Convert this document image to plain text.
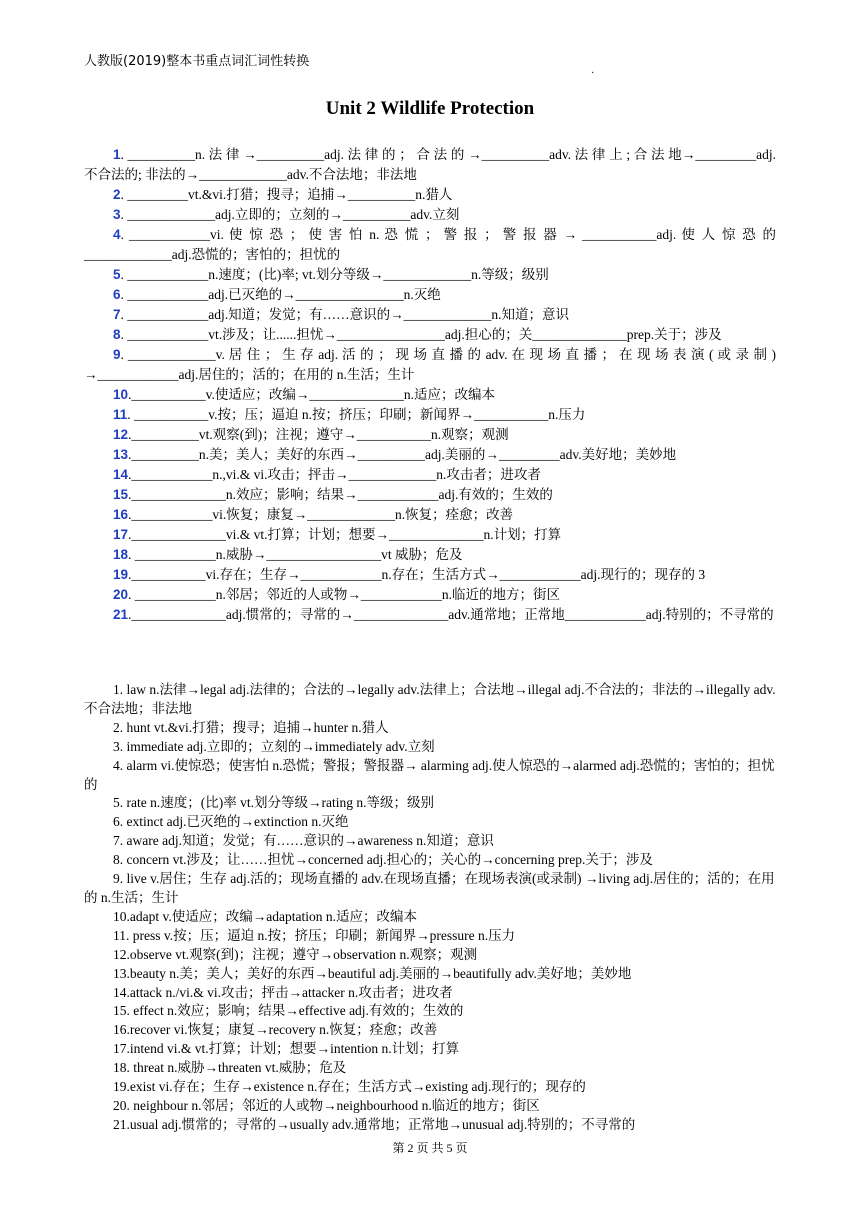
人教版(2019)整本书重点词汇词性转换
·
Unit 2 Wildlife Protection
1. __________n. 法 律 →__________adj. 法 律 的 ； 合 法 的 →__________adv. 法 律 上 ; 合 法 地→_________adj.不合法的; 非法的→_____________adv.不合法地；非法地
2. _________vt.&vi.打猎；搜寻；追捕→__________n.猎人
3. _____________adj.立即的；立刻的→__________adv.立刻
4. ____________vi. 使 惊 恐 ； 使 害 怕 n. 恐 慌 ； 警 报 ； 警 报 器 → ___________adj. 使 人 惊 恐 的_____________adj.恐慌的；害怕的；担忧的
5. ____________n.速度；(比)率; vt.划分等级→_____________n.等级；级别
6. ____________adj.已灭绝的→________________n.灭绝
7. ____________adj.知道；发觉；有……意识的→_____________n.知道；意识
8. ____________vt.涉及；让......担忧→________________adj.担心的；关______________prep.关于；涉及
9. _____________v. 居 住 ； 生 存 adj. 活 的 ； 现 场 直 播 的 adv. 在 现 场 直 播 ； 在 现 场 表 演 ( 或 录 制 ) →____________adj.居住的；活的；在用的 n.生活；生计
10.___________v.使适应；改编→______________n.适应；改编本
11. ___________v.按；压；逼迫 n.按；挤压；印刷；新闻界→___________n.压力
12.__________vt.观察(到)；注视；遵守→___________n.观察；观测
13.__________n.美；美人；美好的东西→__________adj.美丽的→_________adv.美好地；美妙地
14.____________n.,vi.& vi.攻击；抨击→_____________n.攻击者；进攻者
15.______________n.效应；影响；结果→____________adj.有效的；生效的
16.____________vi.恢复；康复→_____________n.恢复；痊愈；改善
17.______________vi.& vt.打算；计划；想要→______________n.计划；打算
18. ____________n.威胁→_________________vt 威胁；危及
19.___________vi.存在；生存→____________n.存在；生活方式→____________adj.现行的；现存的 3
20. ____________n.邻居；邻近的人或物→____________n.临近的地方；街区
21.______________adj.惯常的；寻常的→______________adv.通常地；正常地____________adj.特别的；不寻常的
1. law n.法律→legal adj.法律的；合法的→legally adv.法律上；合法地→illegal adj.不合法的；非法的→illegally adv.不合法地；非法地
2. hunt vt.&vi.打猎；搜寻；追捕→hunter n.猎人
3. immediate adj.立即的；立刻的→immediately adv.立刻
4. alarm vi.使惊恐；使害怕 n.恐慌；警报；警报器→ alarming adj.使人惊恐的→alarmed adj.恐慌的；害怕的；担忧的
5. rate n.速度；(比)率 vt.划分等级→rating n.等级；级别
6. extinct adj.已灭绝的→extinction n.灭绝
7. aware adj.知道；发觉；有……意识的→awareness n.知道；意识
8. concern vt.涉及；让……担忧→concerned adj.担心的；关心的→concerning prep.关于；涉及
9. live v.居住；生存 adj.活的；现场直播的 adv.在现场直播；在现场表演(或录制) →living adj.居住的；活的；在用的 n.生活；生计
10.adapt v.使适应；改编→adaptation n.适应；改编本
11. press v.按；压；逼迫 n.按；挤压；印刷；新闻界→pressure n.压力
12.observe vt.观察(到)；注视；遵守→observation n.观察；观测
13.beauty n.美；美人；美好的东西→beautiful adj.美丽的→beautifully adv.美好地；美妙地
14.attack n./vi.& vi.攻击；抨击→attacker n.攻击者；进攻者
15. effect n.效应；影响；结果→effective adj.有效的；生效的
16.recover vi.恢复；康复→recovery n.恢复；痊愈；改善
17.intend vi.& vt.打算；计划；想要→intention n.计划；打算
18. threat n.威胁→threaten vt.威胁；危及
19.exist vi.存在；生存→existence n.存在；生活方式→existing adj.现行的；现存的
20. neighbour n.邻居；邻近的人或物→neighbourhood n.临近的地方；街区
21.usual adj.惯常的；寻常的→usually adv.通常地；正常地→unusual adj.特别的；不寻常的
第 2 页 共 5 页
